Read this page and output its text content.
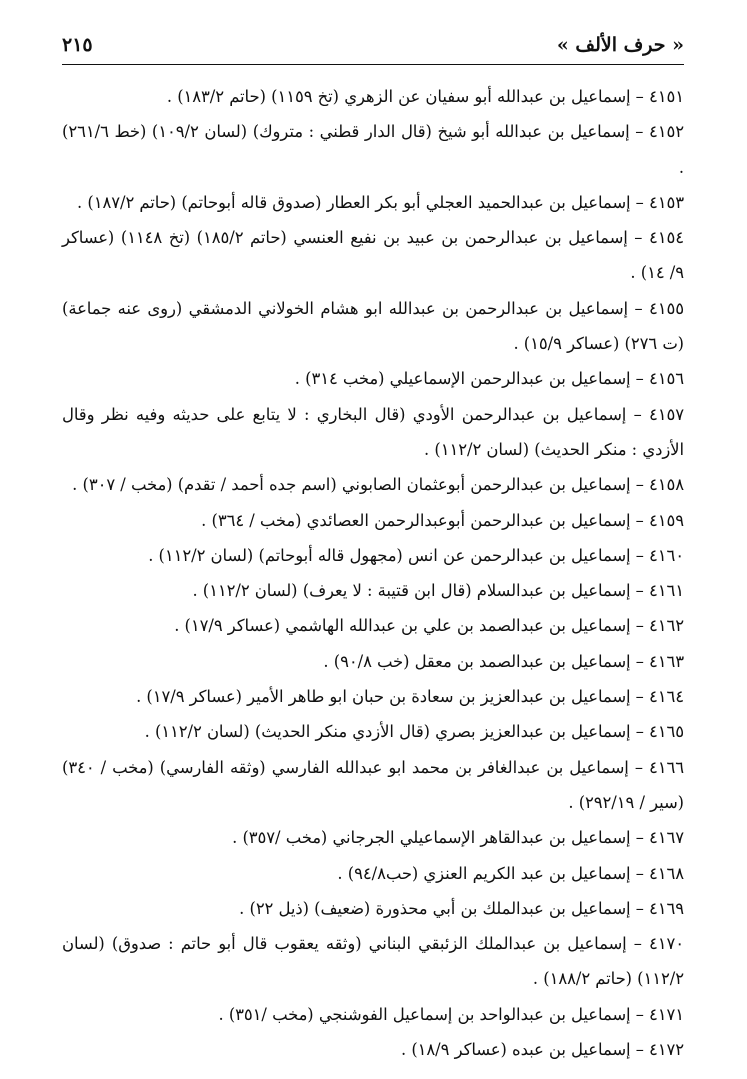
« حرف الألف »
٢١٥

٤١٥١ – إسماعيل بن عبدالله أبو سفيان عن الزهري (تخ ١١٥٩) (حاتم ١٨٣/٢) .

٤١٥٢ – إسماعيل بن عبدالله أبو شيخ (قال الدار قطني : متروك) (لسان ١٠٩/٢) (خط ٢٦١/٦) .

٤١٥٣ – إسماعيل بن عبدالحميد العجلي أبو بكر العطار (صدوق قاله أبوحاتم) (حاتم ١٨٧/٢) .

٤١٥٤ – إسماعيل بن عبدالرحمن بن عبيد بن نفيع العنسي (حاتم ١٨٥/٢) (تخ ١١٤٨) (عساكر ٩/ ١٤) .

٤١٥٥ – إسماعيل بن عبدالرحمن بن عبدالله ابو هشام الخولاني الدمشقي (روى عنه جماعة) (ت ٢٧٦) (عساكر ١٥/٩) .

٤١٥٦ – إسماعيل بن عبدالرحمن الإسماعيلي (مخب ٣١٤) .

٤١٥٧ – إسماعيل بن عبدالرحمن الأودي (قال البخاري : لا يتابع على حديثه وفيه نظر وقال الأزدي : منكر الحديث) (لسان ١١٢/٢) .

٤١٥٨ – إسماعيل بن عبدالرحمن أبوعثمان الصابوني (اسم جده أحمد / تقدم) (مخب / ٣٠٧) .

٤١٥٩ – إسماعيل بن عبدالرحمن أبوعبدالرحمن العصائدي (مخب / ٣٦٤) .

٤١٦٠ – إسماعيل بن عبدالرحمن عن انس (مجهول قاله أبوحاتم) (لسان ١١٢/٢) .

٤١٦١ – إسماعيل بن عبدالسلام (قال ابن قتيبة : لا يعرف) (لسان ١١٢/٢) .

٤١٦٢ – إسماعيل بن عبدالصمد بن علي بن عبدالله الهاشمي (عساكر ١٧/٩) .

٤١٦٣ – إسماعيل بن عبدالصمد بن معقل (خب ٩٠/٨) .

٤١٦٤ – إسماعيل بن عبدالعزيز بن سعادة بن حبان ابو طاهر الأمير (عساكر ١٧/٩) .

٤١٦٥ – إسماعيل بن عبدالعزيز بصري (قال الأزدي منكر الحديث) (لسان ١١٢/٢) .

٤١٦٦ – إسماعيل بن عبدالغافر بن محمد ابو عبدالله الفارسي (وثقه الفارسي) (مخب / ٣٤٠) (سير / ٢٩٢/١٩) .

٤١٦٧ – إسماعيل بن عبدالقاهر الإسماعيلي الجرجاني (مخب /٣٥٧) .

٤١٦٨ – إسماعيل بن عبد الكريم العنزي (حب٩٤/٨) .

٤١٦٩ – إسماعيل بن عبدالملك بن أبي محذورة (ضعيف) (ذيل ٢٢) .

٤١٧٠ – إسماعيل بن عبدالملك الزئبقي البناني (وثقه يعقوب قال أبو حاتم : صدوق) (لسان ١١٢/٢) (حاتم ١٨٨/٢) .

٤١٧١ – إسماعيل بن عبدالواحد بن إسماعيل الفوشنجي (مخب /٣٥١) .

٤١٧٢ – إسماعيل بن عبده (عساكر ١٨/٩) .
